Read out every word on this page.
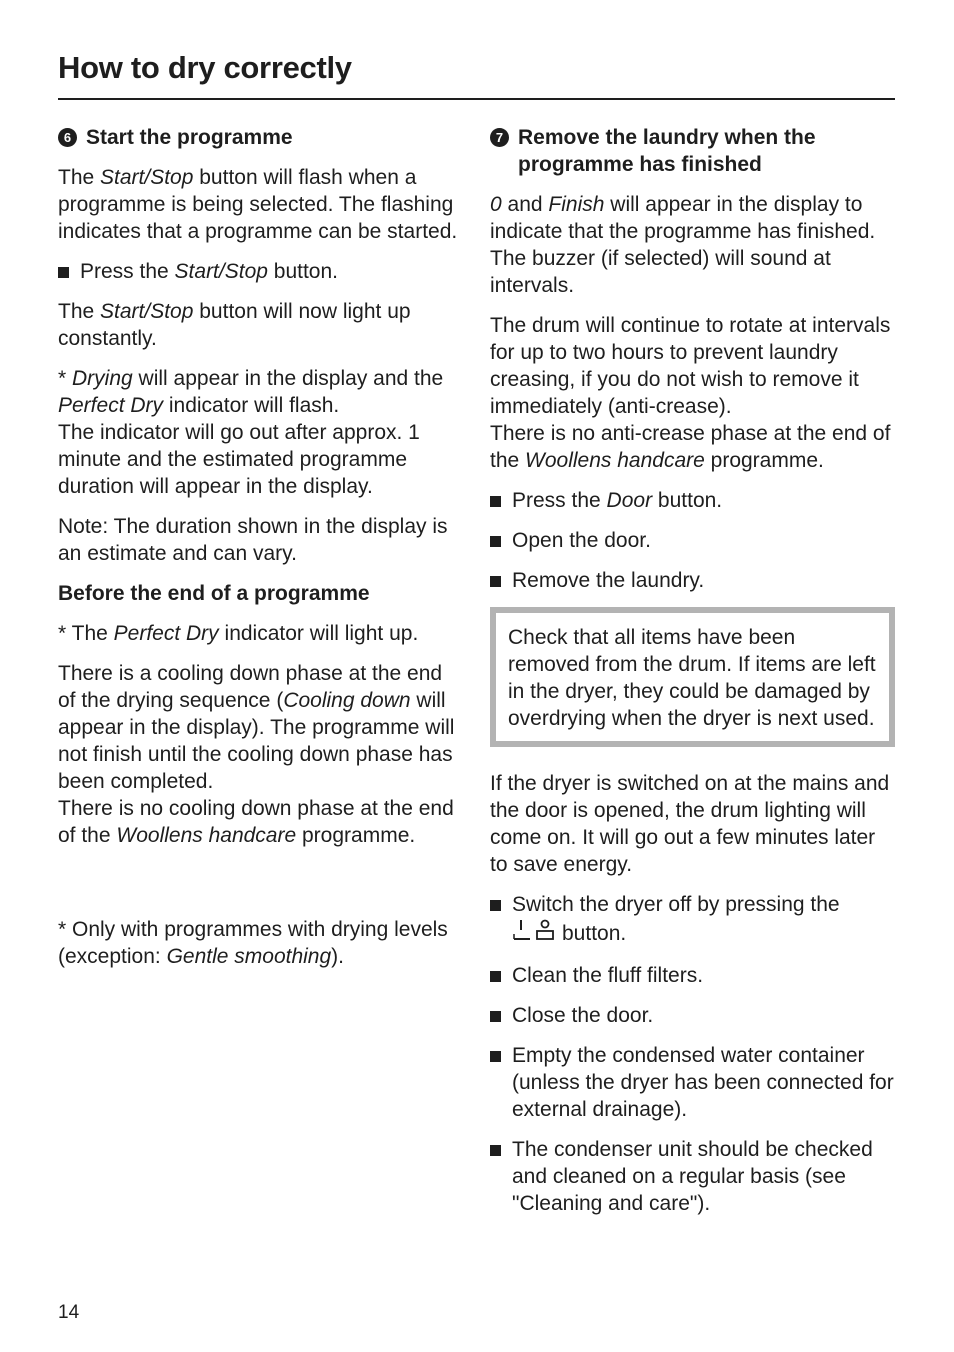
How to dry correctly
6 Start the programme

The Start/Stop button will flash when a programme is being selected. The flashing indicates that a programme can be started.

Press the Start/Stop button.

The Start/Stop button will now light up constantly.

* Drying will appear in the display and the Perfect Dry indicator will flash.
The indicator will go out after approx. 1 minute and the estimated programme duration will appear in the display.

Note: The duration shown in the display is an estimate and can vary.

Before the end of a programme

* The Perfect Dry indicator will light up.

There is a cooling down phase at the end of the drying sequence (Cooling down will appear in the display). The programme will not finish until the cooling down phase has been completed.
There is no cooling down phase at the end of the Woollens handcare programme.

* Only with programmes with drying levels (exception: Gentle smoothing).

7 Remove the laundry when the programme has finished

0 and Finish will appear in the display to indicate that the programme has finished. The buzzer (if selected) will sound at intervals.

The drum will continue to rotate at intervals for up to two hours to prevent laundry creasing, if you do not wish to remove it immediately (anti-crease).
There is no anti-crease phase at the end of the Woollens handcare programme.

Press the Door button.
Open the door.
Remove the laundry.

Check that all items have been removed from the drum. If items are left in the dryer, they could be damaged by overdrying when the dryer is next used.

If the dryer is switched on at the mains and the door is opened, the drum lighting will come on. It will go out a few minutes later to save energy.

Switch the dryer off by pressing the
button.
Clean the fluff filters.
Close the door.
Empty the condensed water container (unless the dryer has been connected for external drainage).
The condenser unit should be checked and cleaned on a regular basis (see "Cleaning and care").
14
